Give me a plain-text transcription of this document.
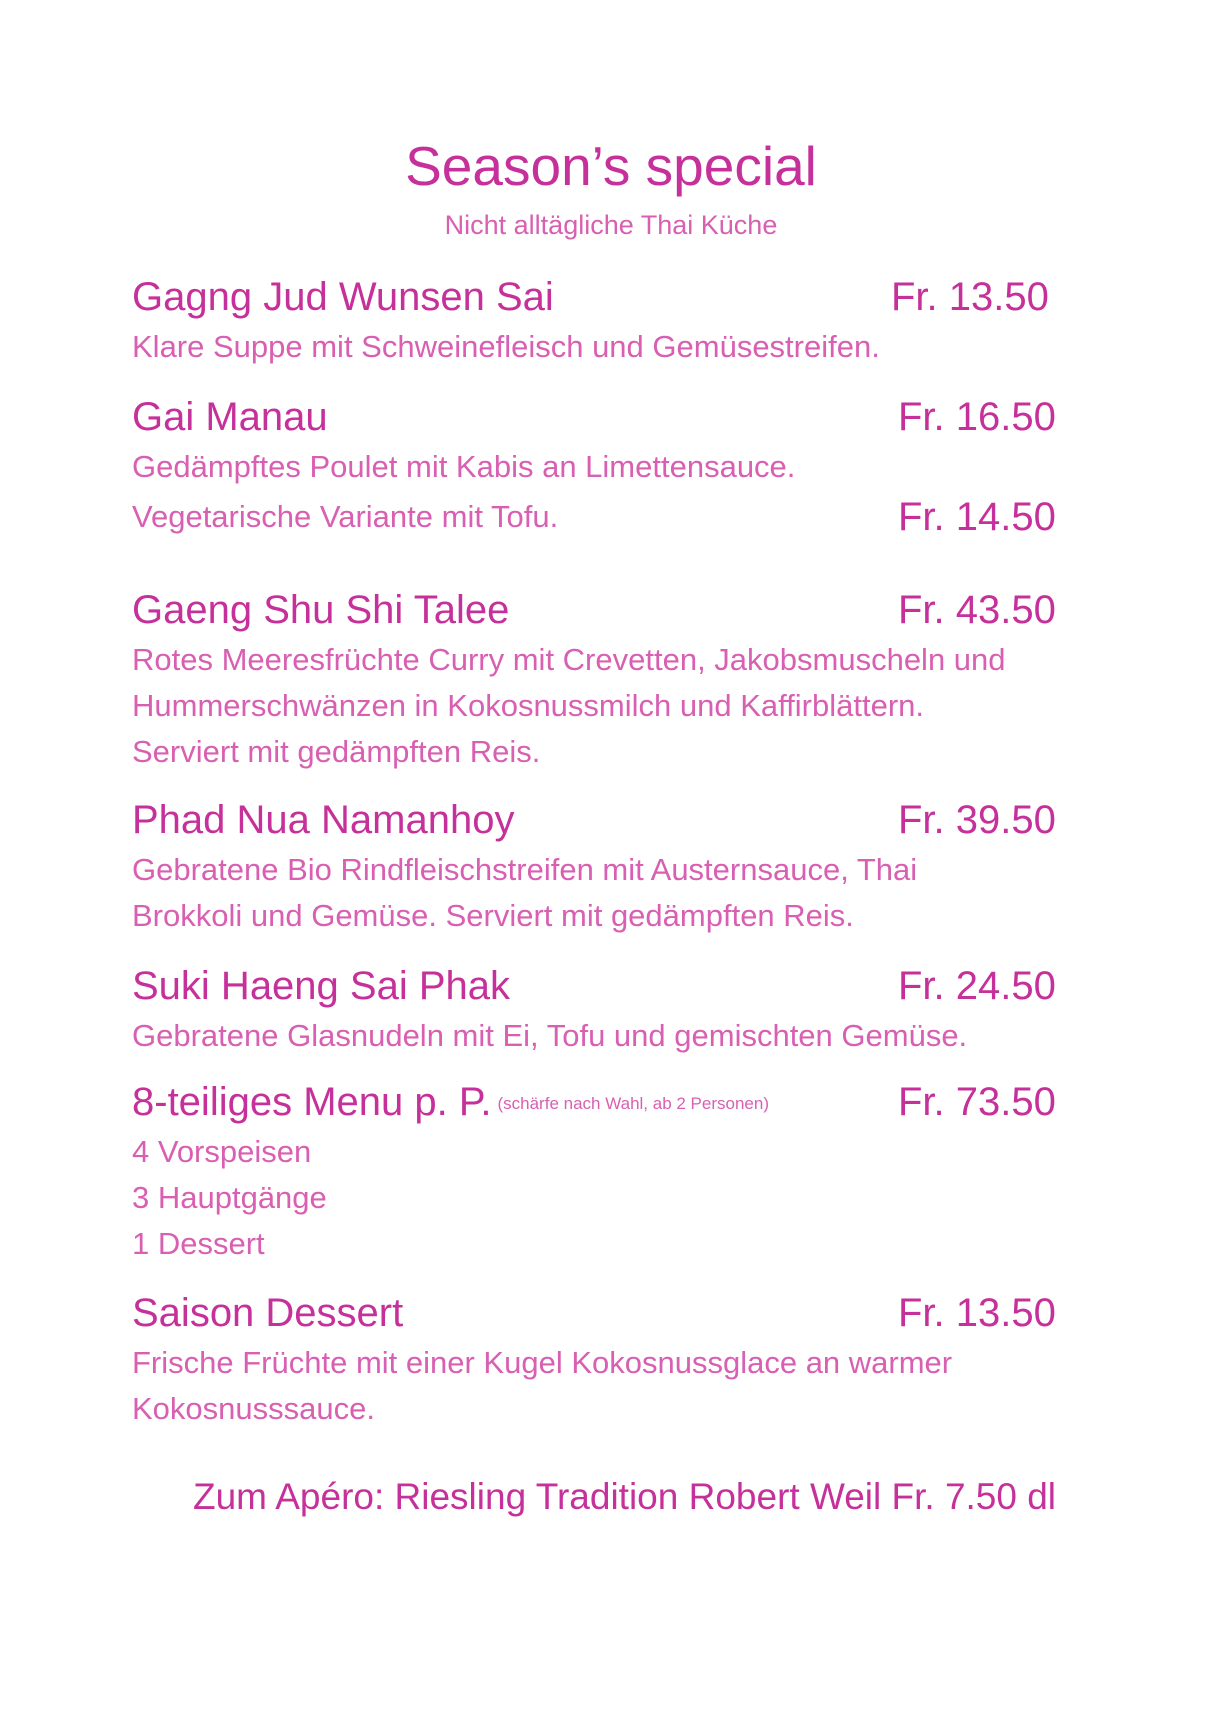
Season’s special
Nicht alltägliche Thai Küche
Gagng Jud Wunsen Sai	Fr. 13.50

Klare Suppe mit Schweinefleisch und Gemüsestreifen.

Gai Manau	Fr. 16.50

Gedämpftes Poulet mit Kabis an Limettensauce.

Vegetarische Variante mit Tofu.	Fr. 14.50
Gaeng Shu Shi Talee	Fr. 43.50

Rotes Meeresfrüchte Curry mit Crevetten, Jakobsmuscheln und

Hummerschwänzen in Kokosnussmilch und Kaffirblättern.

Serviert mit gedämpften Reis.

Phad Nua Namanhoy	Fr. 39.50

Gebratene Bio Rindfleischstreifen mit Austernsauce, Thai

Brokkoli und Gemüse. Serviert mit gedämpften Reis.

Suki Haeng Sai Phak	Fr. 24.50

Gebratene Glasnudeln mit Ei, Tofu und gemischten Gemüse.

8-teiliges Menu p. P. (schärfe nach Wahl, ab 2 Personen)	Fr. 73.50

4 Vorspeisen

3 Hauptgänge

1 Dessert

Saison Dessert	Fr. 13.50

Frische Früchte mit einer Kugel Kokosnussglace an warmer

Kokosnusssauce.

Zum Apéro: Riesling Tradition Robert Weil Fr. 7.50 dl
